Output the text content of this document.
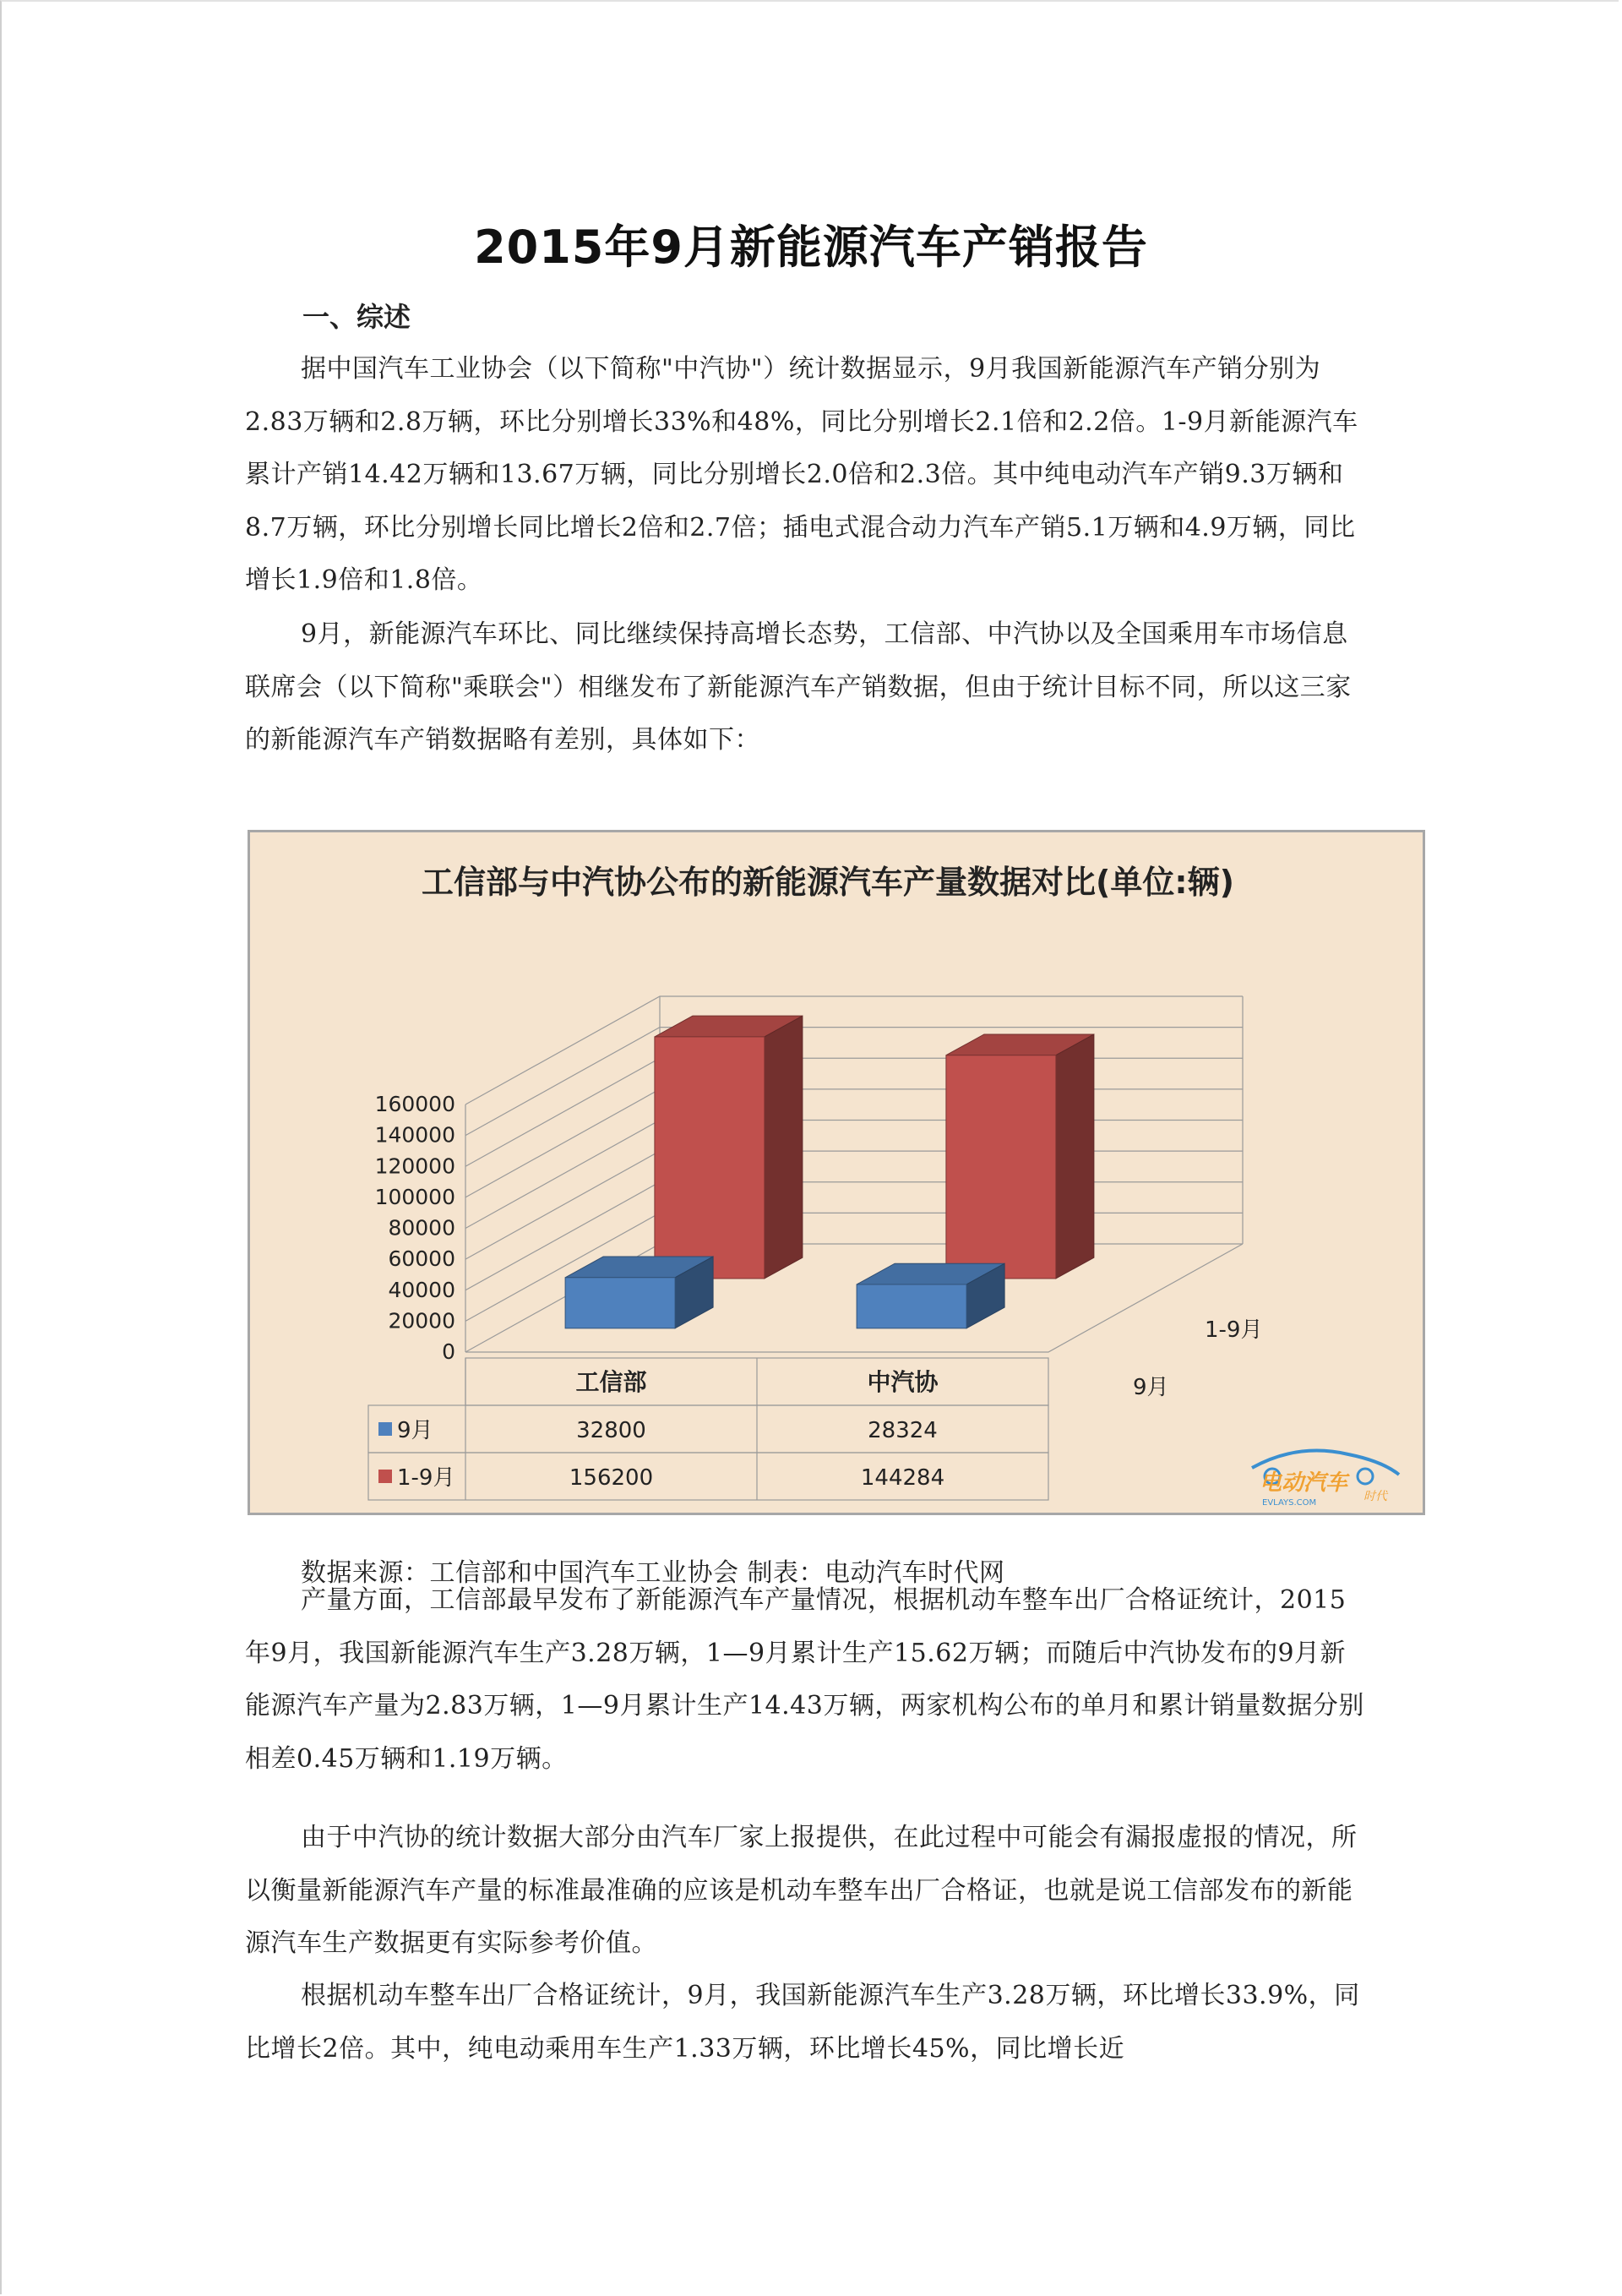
2015年9月新能源汽车产销报告
一、综述
据中国汽车工业协会（以下简称"中汽协"）统计数据显示，9月我国新能源汽车产销分别为2.83万辆和2.8万辆，环比分别增长33%和48%，同比分别增长2.1倍和2.2倍。1-9月新能源汽车累计产销14.42万辆和13.67万辆，同比分别增长2.0倍和2.3倍。其中纯电动汽车产销9.3万辆和8.7万辆，环比分别增长同比增长2倍和2.7倍；插电式混合动力汽车产销5.1万辆和4.9万辆，同比增长1.9倍和1.8倍。
9月，新能源汽车环比、同比继续保持高增长态势，工信部、中汽协以及全国乘用车市场信息联席会（以下简称"乘联会"）相继发布了新能源汽车产销数据，但由于统计目标不同，所以这三家的新能源汽车产销数据略有差别，具体如下：
工信部与中汽协公布的新能源汽车产量数据对比(单位:辆)
0
20000
40000
60000
80000
100000
120000
140000
160000
1-9月
9月
工信部	中汽协
9月	32800	28324
1-9月	156200	144284	电动汽车
时代
EVLAYS.COM
数据来源：工信部和中国汽车工业协会 制表：电动汽车时代网
产量方面，工信部最早发布了新能源汽车产量情况，根据机动车整车出厂合格证统计，2015年9月，我国新能源汽车生产3.28万辆，1—9月累计生产15.62万辆；而随后中汽协发布的9月新能源汽车产量为2.83万辆，1—9月累计生产14.43万辆，两家机构公布的单月和累计销量数据分别相差0.45万辆和1.19万辆。
由于中汽协的统计数据大部分由汽车厂家上报提供，在此过程中可能会有漏报虚报的情况，所以衡量新能源汽车产量的标准最准确的应该是机动车整车出厂合格证，也就是说工信部发布的新能源汽车生产数据更有实际参考价值。
根据机动车整车出厂合格证统计，9月，我国新能源汽车生产3.28万辆，环比增长33.9%，同比增长2倍。其中，纯电动乘用车生产1.33万辆，环比增长45%，同比增长近
